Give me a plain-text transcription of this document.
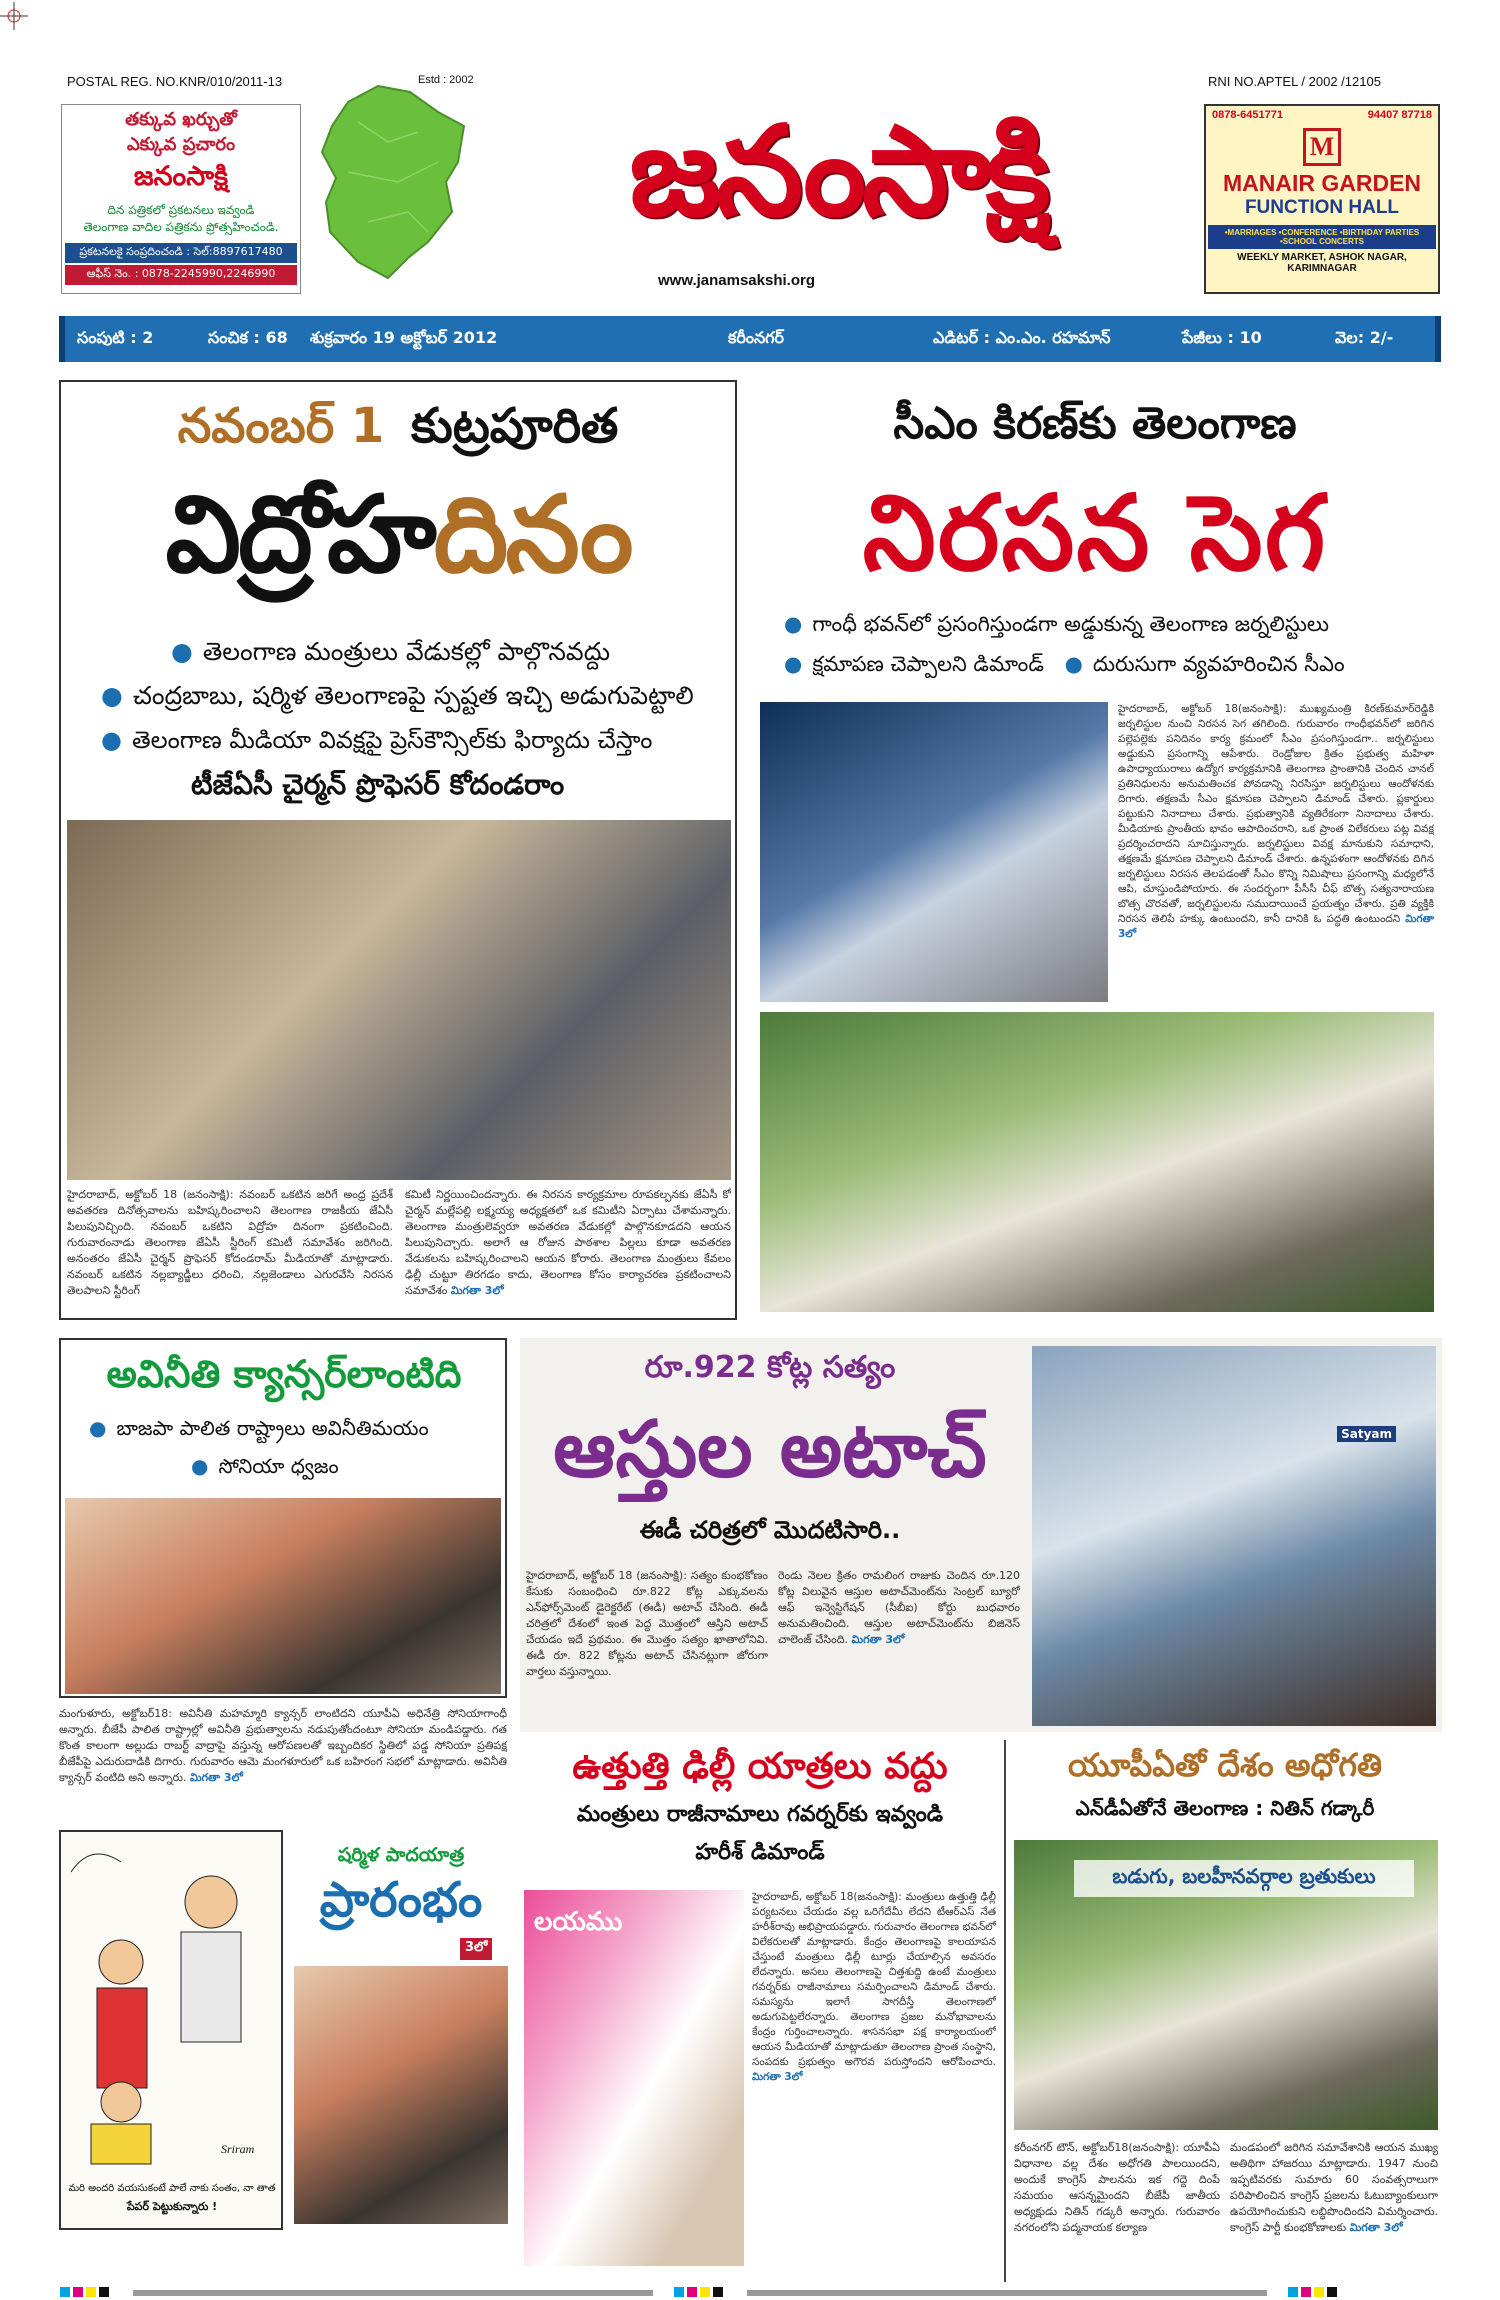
POSTAL REG. NO.KNR/010/2011-13	Estd : 2002	RNI NO.APTEL / 2002 /12105
తక్కువ ఖర్చుతో
ఎక్కువ ప్రచారం
జనంసాక్షి
దిన పత్రికలో ప్రకటనలు ఇవ్వండి
తెలంగాణ వాదిల పత్రికను ప్రోత్సహించండి.
ప్రకటనలకై సంప్రదించండి : సెల్:8897617480
ఆఫీస్ నెం. : 0878-2245990,2246990
జనంసాక్షి
www.janamsakshi.org
0878-6451771	94407 87718
M
MANAIR GARDEN
FUNCTION HALL
•MARRIAGES •CONFERENCE •BIRTHDAY PARTIES •SCHOOL CONCERTS
WEEKLY MARKET, ASHOK NAGAR, KARIMNAGAR
సంపుటి : 2	సంచిక : 68 శుక్రవారం 19 అక్టోబర్ 2012	కరీంనగర్	ఎడిటర్ : ఎం.ఎం. రహమాన్	పేజీలు : 10	వెల: 2/-
నవంబర్ 1 కుట్రపూరిత
విద్రోహదినం
● తెలంగాణ మంత్రులు వేడుకల్లో పాల్గొనవద్దు
● చంద్రబాబు, షర్మిళ తెలంగాణపై స్పష్టత ఇచ్చి అడుగుపెట్టాలి
● తెలంగాణ మీడియా వివక్షపై ప్రెస్‌కౌన్సిల్‌కు ఫిర్యాదు చేస్తాం
టీజేఏసీ చైర్మన్ ప్రొఫెసర్ కోదండరాం
హైదరాబాద్, అక్టోబర్ 18 (జనంసాక్షి): నవంబర్ ఒకటిన జరిగే అంధ్ర ప్రదేశ్ అవతరణ దినోత్సవాలను బహిష్కరించాలని తెలంగాణ రాజకీయ జేఏసీ పిలుపునిచ్చింది. నవంబర్ ఒకటిని విద్రోహ దినంగా ప్రకటించింది. గురువారంనాడు తెలంగాణ జేఏసీ స్టీరింగ్ కమిటీ సమావేశం జరిగింది. అనంతరం జేఏసీ చైర్మన్ ప్రొఫెసర్ కోదండరామ్ మీడియాతో మాట్లాడారు. నవంబర్ ఒకటిన నల్లబ్యాడ్జీలు ధరించి, నల్లజెండాలు ఎగురవేసి నిరసన తెలపాలని స్టీరింగ్
కమిటీ నిర్ణయించిందన్నారు. ఈ నిరసన కార్యక్రమాల రూపకల్పనకు జేఏసీ కో చైర్మన్ మల్లేపల్లి లక్ష్మయ్య అధ్యక్షతలో ఒక కమిటీని ఏర్పాటు చేశామన్నారు. తెలంగాణ మంత్రులెవ్వరూ అవతరణ వేడుకల్లో పాల్గొనకూడదని ఆయన పిలుపునిచ్చారు. అలాగే ఆ రోజున పాఠశాల పిల్లలు కూడా అవతరణ వేడుకలను బహిష్కరించాలని ఆయన కోరారు. తెలంగాణ మంత్రులు కేవలం ఢిల్లీ చుట్టూ తిరగడం కాదు, తెలంగాణ కోసం కార్యాచరణ ప్రకటించాలని సమావేశం మిగతా 3లో
సీఎం కిరణ్‌కు తెలంగాణ
నిరసన సెగ
● గాంధీ భవన్‌లో ప్రసంగిస్తుండగా అడ్డుకున్న తెలంగాణ జర్నలిస్టులు
● క్షమాపణ చెప్పాలని డిమాండ్ ● దురుసుగా వ్యవహరించిన సీఎం
హైదరాబాద్, అక్టోబర్ 18(జనంసాక్షి): ముఖ్యమంత్రి కిరణ్‌కుమార్‌రెడ్డికి జర్నలిస్టుల నుంచి నిరసన సెగ తగిలింది. గురువారం గాంధీభవన్‌లో జరిగిన పల్లెపల్లెకు పనిదినం కార్య క్రమంలో సీఎం ప్రసంగిస్తుండగా.. జర్నలిస్టులు అడ్డుకుని ప్రసంగాన్ని ఆపేశారు. రెండ్రోజుల క్రితం ప్రభుత్వ మహిళా ఉపాధ్యాయురాలు ఉద్యోగ కార్యక్రమానికి తెలంగాణ ప్రాంతానికి చెందిన చానల్‌ ప్రతినిధులను అనుమతించక పోవడాన్ని నిరసిస్తూ జర్నలిస్టులు ఆందోళనకు దిగారు. తక్షణమే సీఎం క్షమాపణ చెప్పాలని డిమాండ్ చేశారు. ప్లకార్డులు పట్టుకుని నినాదాలు చేశారు. ప్రభుత్వానికి వ్యతిరేకంగా నినాదాలు చేశారు. మీడియాకు ప్రాంతీయ భావం ఆపాదించరాని, ఒక ప్రాంత విలేకరులు పట్ల వివక్ష ప్రదర్శించరాదని సూచిస్తున్నారు. జర్నలిస్టులు వివక్ష మానుకుని సమాధాని, తక్షణమే క్షమాపణ చెప్పాలని డిమాండ్ చేశారు. ఉన్నపళంగా ఆందోళనకు దిగిన జర్నలిస్టులు నిరసన తెలపడంతో సీఎం కొన్ని నిమిషాలు ప్రసంగాన్ని మధ్యలోనే ఆపి, చూస్తుండిపోయారు. ఈ సందర్భంగా పీసీసీ చీఫ్ బొత్స సత్యనారాయణ బొత్స చొరవతో, జర్నలిస్టులను సముదాయించే ప్రయత్నం చేశారు. ప్రతి వ్యక్తికి నిరసన తెలిపే హక్కు ఉంటుందని, కానీ దానికి ఓ పద్ధతి ఉంటుందని మిగతా 3లో
అవినీతి క్యాన్సర్‌లాంటిది
● బాజపా పాలిత రాష్ట్రాలు అవినీతిమయం
● సోనియా ధ్వజం
మంగుళూరు, అక్టోబర్18: అవినీతి మహమ్మారి క్యాన్సర్ లాంటిదని యూపీఏ అధినేత్రి సోనియాగాంధీ అన్నారు. బీజేపీ పాలిత రాష్ట్రాల్లో అవినీతి ప్రభుత్వాలను నడుపుతోందంటూ సోనియా మండిపడ్డారు. గత కొంత కాలంగా అల్లుడు రాబర్ట్ వాద్రాపై వస్తున్న ఆరోపణలతో ఇబ్బందికర స్థితిలో పడ్డ సోనియా ప్రతిపక్ష బీజేపీపై ఎదురుదాడికి దిగారు. గురువారం ఆమె మంగళూరులో ఒక బహిరంగ సభలో మాట్లాడారు. అవినీతి క్యాన్సర్ వంటిది అని అన్నారు. మిగతా 3లో
రూ.922 కోట్ల సత్యం
ఆస్తుల అటాచ్
ఈడీ చరిత్రలో మొదటిసారి..
హైదరాబాద్, అక్టోబర్ 18 (జనంసాక్షి): సత్యం కుంభకోణం కేసుకు సంబంధించి రూ.822 కోట్ల ఎక్కువలను ఎన్‌ఫోర్స్‌మెంట్ డైరెక్టరేట్ (ఈడీ) అటాచ్ చేసింది. ఈడీ చరిత్రలో దేశంలో ఇంత పెద్ద మొత్తంలో ఆస్తిని అటాచ్ చేయడం ఇదే ప్రథమం. ఈ మొత్తం సత్యం ఖాతాలోనివి. ఈడీ రూ. 822 కోట్లను అటాచ్ చేసినట్లుగా జోరుగా వార్తలు వస్తున్నాయి.
రెండు నెలల క్రితం రామలింగ రాజుకు చెందిన రూ.120 కోట్ల విలువైన ఆస్తుల అటాచ్‌మెంట్‌ను సెంట్రల్ బ్యూరో ఆఫ్ ఇన్వెస్టిగేషన్ (సీబీఐ) కోర్టు బుధవారం అనుమతించింది. ఆస్తుల అటాచ్‌మెంట్‌ను బిజినెస్ చాలెంజ్ చేసింది. మిగతా 3లో
Satyam
ఉత్తుత్తి ఢిల్లీ యాత్రలు వద్దు
మంత్రులు రాజీనామాలు గవర్నర్‌కు ఇవ్వండి
హరీశ్ డిమాండ్
లయము
హైదరాబాద్, అక్టోబర్ 18(జనంసాక్షి): మంత్రులు ఉత్తుత్తి ఢిల్లీ పర్యటనలు చేయడం వల్ల ఒరిగేదేమీ లేదని టీఆర్‌ఎస్ నేత హరీశ్‌రావు అభిప్రాయపడ్డారు. గురువారం తెలంగాణ భవన్‌లో విలేకరులతో మాట్లాడారు. కేంద్రం తెలంగాణపై కాలయాపన చేస్తుంటే మంత్రులు ఢిల్లీ టూర్లు చేయాల్సిన అవసరం లేదన్నారు. అసలు తెలంగాణపై చిత్తశుద్ధి ఉంటే మంత్రులు గవర్నర్‌కు రాజీనామాలు సమర్పించాలని డిమాండ్ చేశారు. సమస్యను ఇలాగే సాగదీస్తే తెలంగాణలో అడుగుపెట్టలేరన్నారు. తెలంగాణ ప్రజల మనోభావాలను కేంద్రం గుర్తించాలన్నారు. శాసనసభా పక్ష కార్యాలయంలో ఆయన మీడియాతో మాట్లాడుతూ తెలంగాణ ప్రాంత సంస్థాని, సంపదకు ప్రభుత్వం అగౌరవ పరుస్తోందని ఆరోపించారు. మిగతా 3లో
యూపీఏతో దేశం అధోగతి
ఎన్‌డీఏతోనే తెలంగాణ : నితిన్ గడ్కారీ
బడుగు, బలహీనవర్గాల బ్రతుకులు
కరీంనగర్ టౌన్, అక్టోబర్18(జనంసాక్షి): యూపీఏ విధానాల వల్ల దేశం అధోగతి పాలయిందని, అందుకే కాంగ్రెస్ పాలనను ఇక గద్దె దింపే సమయం ఆసన్నమైందని బీజేపీ జాతీయ అధ్యక్షుడు నితిన్ గడ్కరీ అన్నారు. గురువారం నగరంలోని పద్మనాయక కల్యాణ
మండపంలో జరిగిన సమావేశానికి ఆయన ముఖ్య అతిథిగా హాజరయి మాట్లాడారు. 1947 నుంచి ఇప్పటివరకు సుమారు 60 సంవత్సరాలుగా పరిపాలించిన కాంగ్రెస్ ప్రజలను ఓటుబ్యాంకులుగా ఉపయోగించుకుని లబ్ధిపొందిందని విమర్శించారు. కాంగ్రెస్ పార్టీ కుంభకోణాలకు మిగతా 3లో
Sriram
మరి అందరి వయసుకంటే పాలే నాకు సంతం, నా తాత
పేపర్ పెట్టుకున్నారు !
షర్మిళ పాదయాత్ర
ప్రారంభం
3లో
